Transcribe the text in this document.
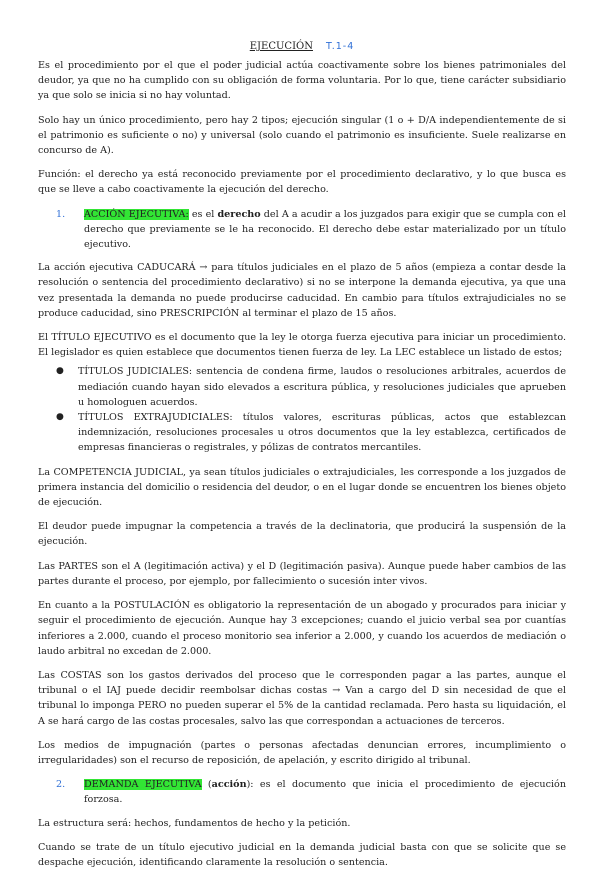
EJECUCIÓN T.1-4

Es el procedimiento por el que el poder judicial actúa coactivamente sobre los bienes patrimoniales del deudor, ya que no ha cumplido con su obligación de forma voluntaria. Por lo que, tiene carácter subsidiario ya que solo se inicia si no hay voluntad.

Solo hay un único procedimiento, pero hay 2 tipos; ejecución singular (1 o + D/A independientemente de si el patrimonio es suficiente o no) y universal (solo cuando el patrimonio es insuficiente. Suele realizarse en concurso de A).

Función: el derecho ya está reconocido previamente por el procedimiento declarativo, y lo que busca es que se lleve a cabo coactivamente la ejecución del derecho.

1.	ACCIÓN EJECUTIVA: es el derecho del A a acudir a los juzgados para exigir que se cumpla con el derecho que previamente se le ha reconocido. El derecho debe estar materializado por un título ejecutivo.

La acción ejecutiva CADUCARÁ → para títulos judiciales en el plazo de 5 años (empieza a contar desde la resolución o sentencia del procedimiento declarativo) si no se interpone la demanda ejecutiva, ya que una vez presentada la demanda no puede producirse caducidad. En cambio para títulos extrajudiciales no se produce caducidad, sino PRESCRIPCIÓN al terminar el plazo de 15 años.

El TÍTULO EJECUTIVO es el documento que la ley le otorga fuerza ejecutiva para iniciar un procedimiento. El legislador es quien establece que documentos tienen fuerza de ley. La LEC establece un listado de estos;

●	TÍTULOS JUDICIALES: sentencia de condena firme, laudos o resoluciones arbitrales, acuerdos de mediación cuando hayan sido elevados a escritura pública, y resoluciones judiciales que aprueben u homologuen acuerdos.
●	TÍTULOS EXTRAJUDICIALES: títulos valores, escrituras públicas, actos que establezcan indemnización, resoluciones procesales u otros documentos que la ley establezca, certificados de empresas financieras o registrales, y pólizas de contratos mercantiles.

La COMPETENCIA JUDICIAL, ya sean títulos judiciales o extrajudiciales, les corresponde a los juzgados de primera instancia del domicilio o residencia del deudor, o en el lugar donde se encuentren los bienes objeto de ejecución.

El deudor puede impugnar la competencia a través de la declinatoria, que producirá la suspensión de la ejecución.

Las PARTES son el A (legitimación activa) y el D (legitimación pasiva). Aunque puede haber cambios de las partes durante el proceso, por ejemplo, por fallecimiento o sucesión inter vivos.

En cuanto a la POSTULACIÓN es obligatorio la representación de un abogado y procurados para iniciar y seguir el procedimiento de ejecución. Aunque hay 3 excepciones; cuando el juicio verbal sea por cuantías inferiores a 2.000, cuando el proceso monitorio sea inferior a 2.000, y cuando los acuerdos de mediación o laudo arbitral no excedan de 2.000.

Las COSTAS son los gastos derivados del proceso que le corresponden pagar a las partes, aunque el tribunal o el IAJ puede decidir reembolsar dichas costas → Van a cargo del D sin necesidad de que el tribunal lo imponga PERO no pueden superar el 5% de la cantidad reclamada. Pero hasta su liquidación, el A se hará cargo de las costas procesales, salvo las que correspondan a actuaciones de terceros.

Los medios de impugnación (partes o personas afectadas denuncian errores, incumplimiento o irregularidades) son el recurso de reposición, de apelación, y escrito dirigido al tribunal.

2.	DEMANDA EJECUTIVA (acción): es el documento que inicia el procedimiento de ejecución forzosa.

La estructura será: hechos, fundamentos de hecho y la petición.

Cuando se trate de un título ejecutivo judicial en la demanda judicial basta con que se solicite que se despache ejecución, identificando claramente la resolución o sentencia.
